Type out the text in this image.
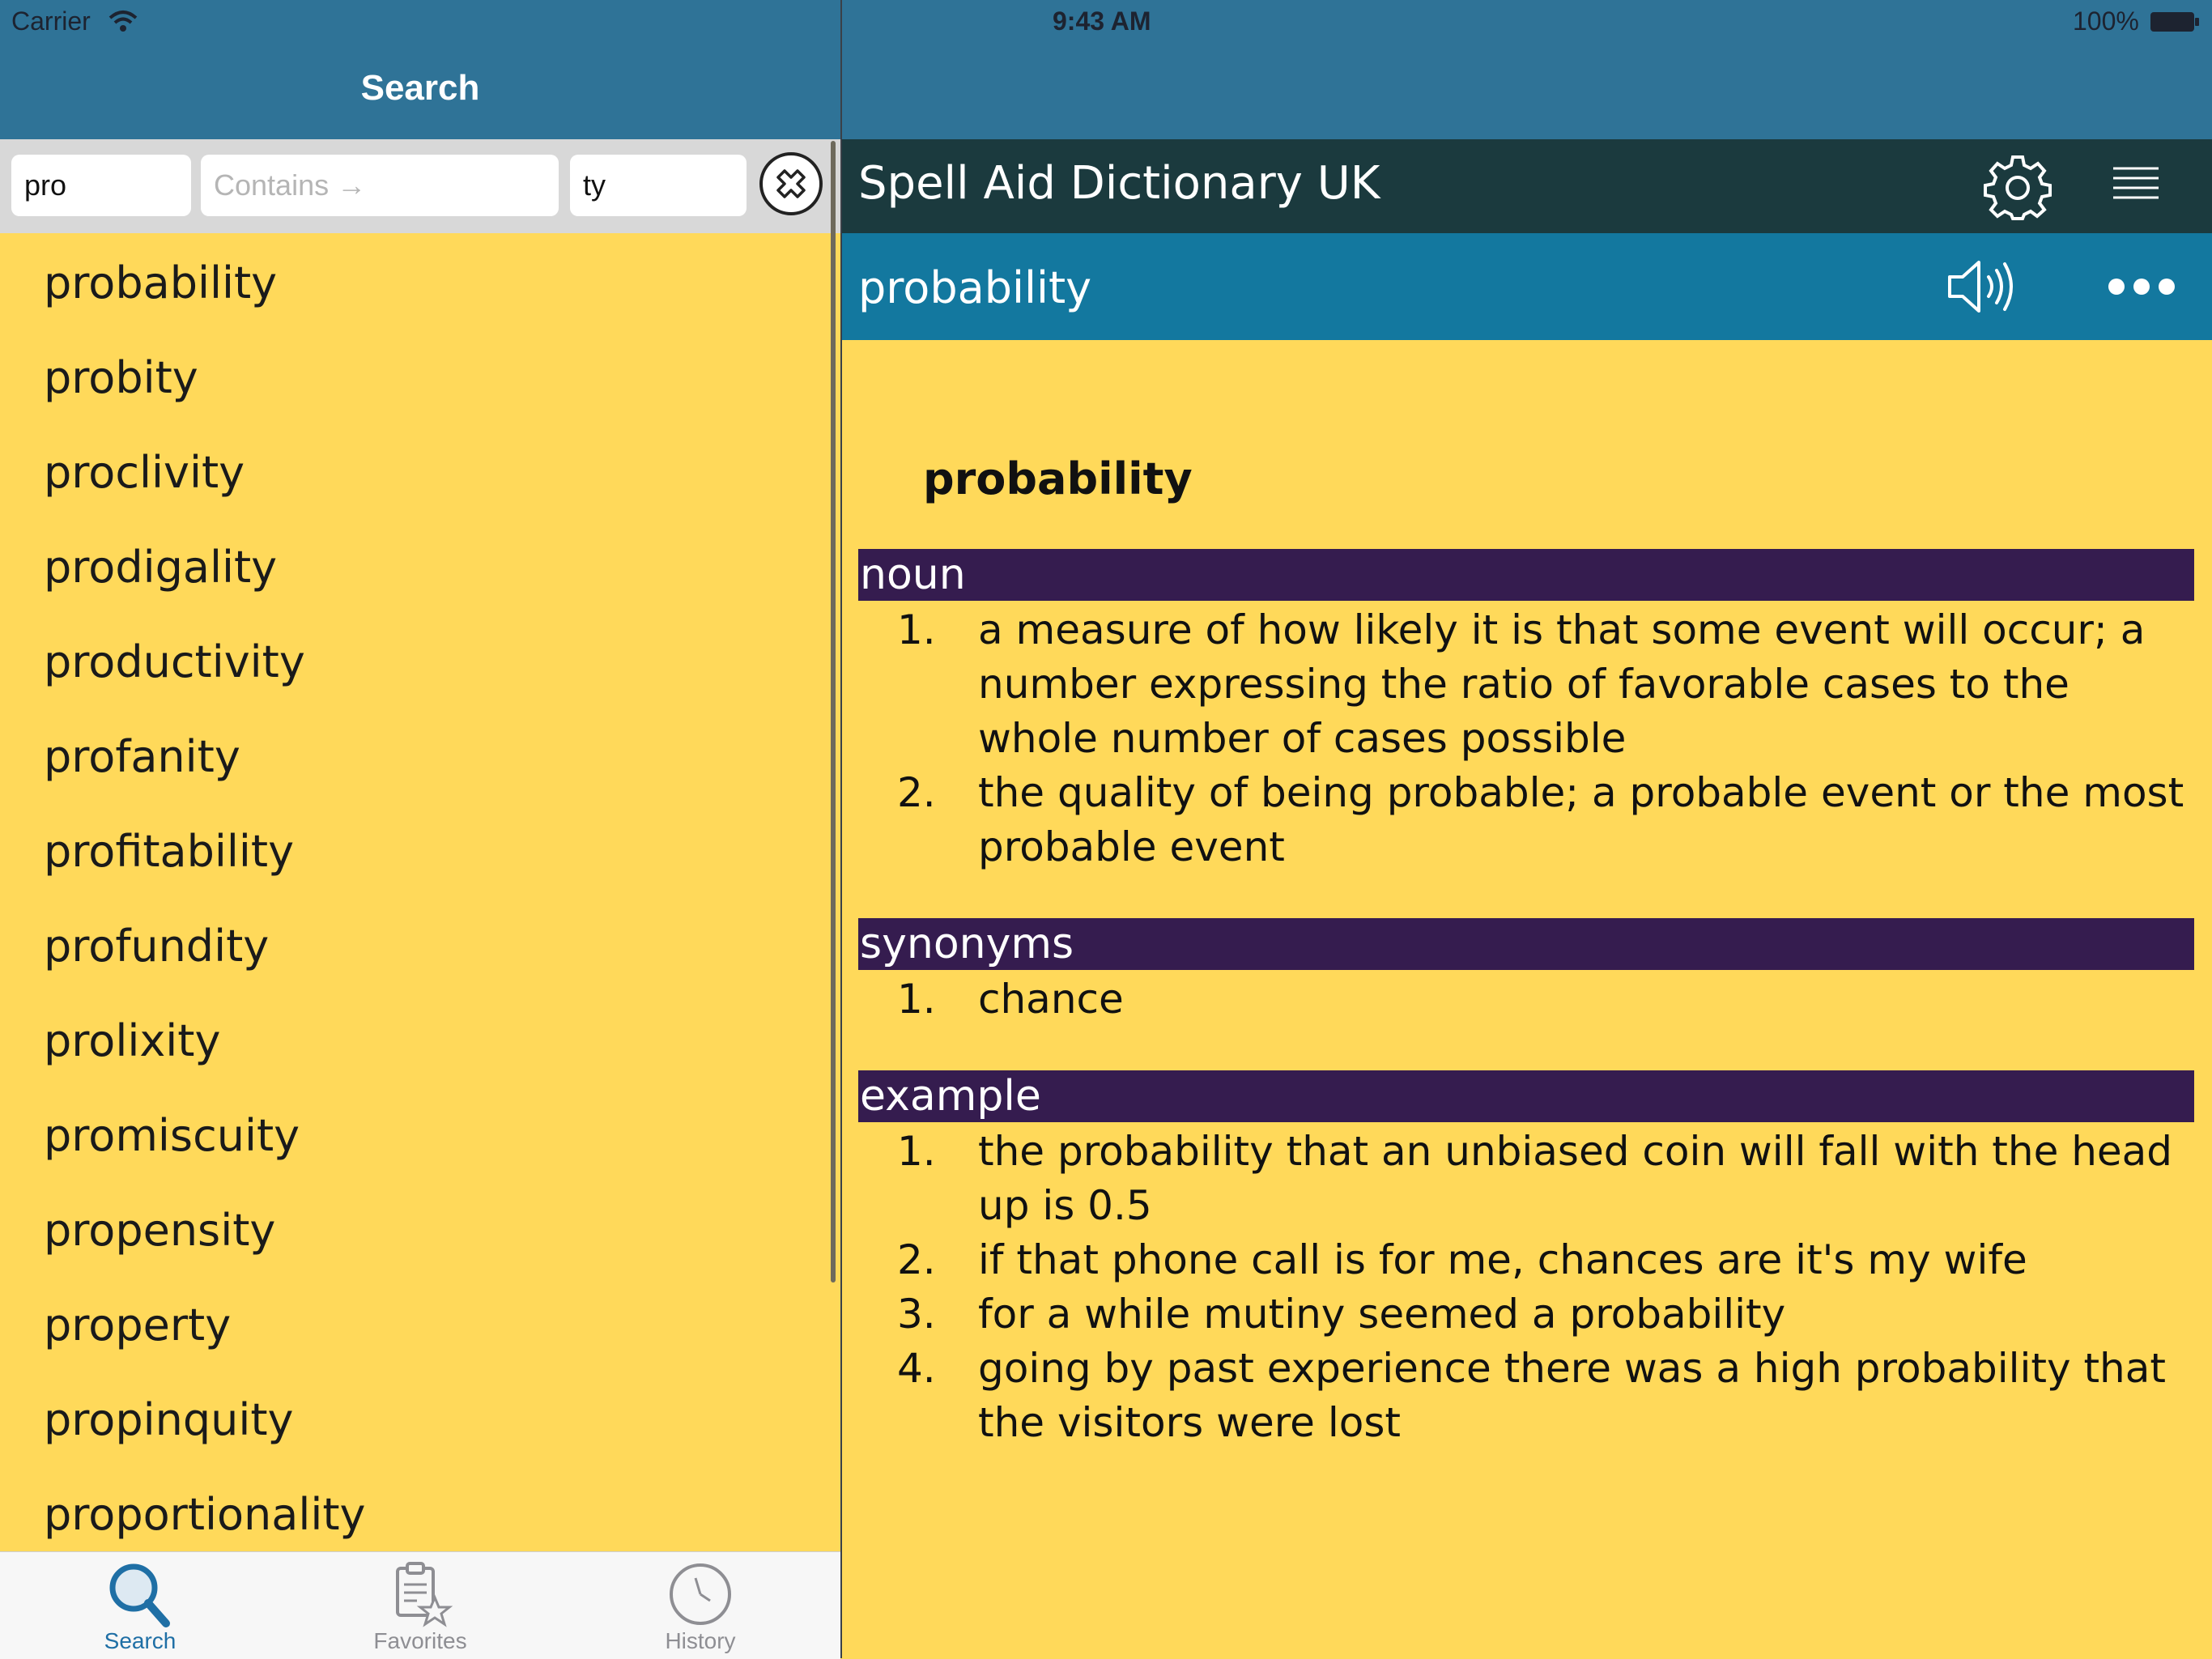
Carrier	9:43 AM	100%
Search
pro	Contains →	ty
probability
probity
proclivity
prodigality
productivity
profanity
profitability
profundity
prolixity
promiscuity
propensity
property
propinquity
proportionality
Search	Favorites	History
Spell Aid Dictionary UK
probability
probability
noun
1. a measure of how likely it is that some event will occur; a number expressing the ratio of favorable cases to the whole number of cases possible
2. the quality of being probable; a probable event or the most probable event
synonyms
1. chance
example
1. the probability that an unbiased coin will fall with the head up is 0.5
2. if that phone call is for me, chances are it's my wife
3. for a while mutiny seemed a probability
4. going by past experience there was a high probability that the visitors were lost
